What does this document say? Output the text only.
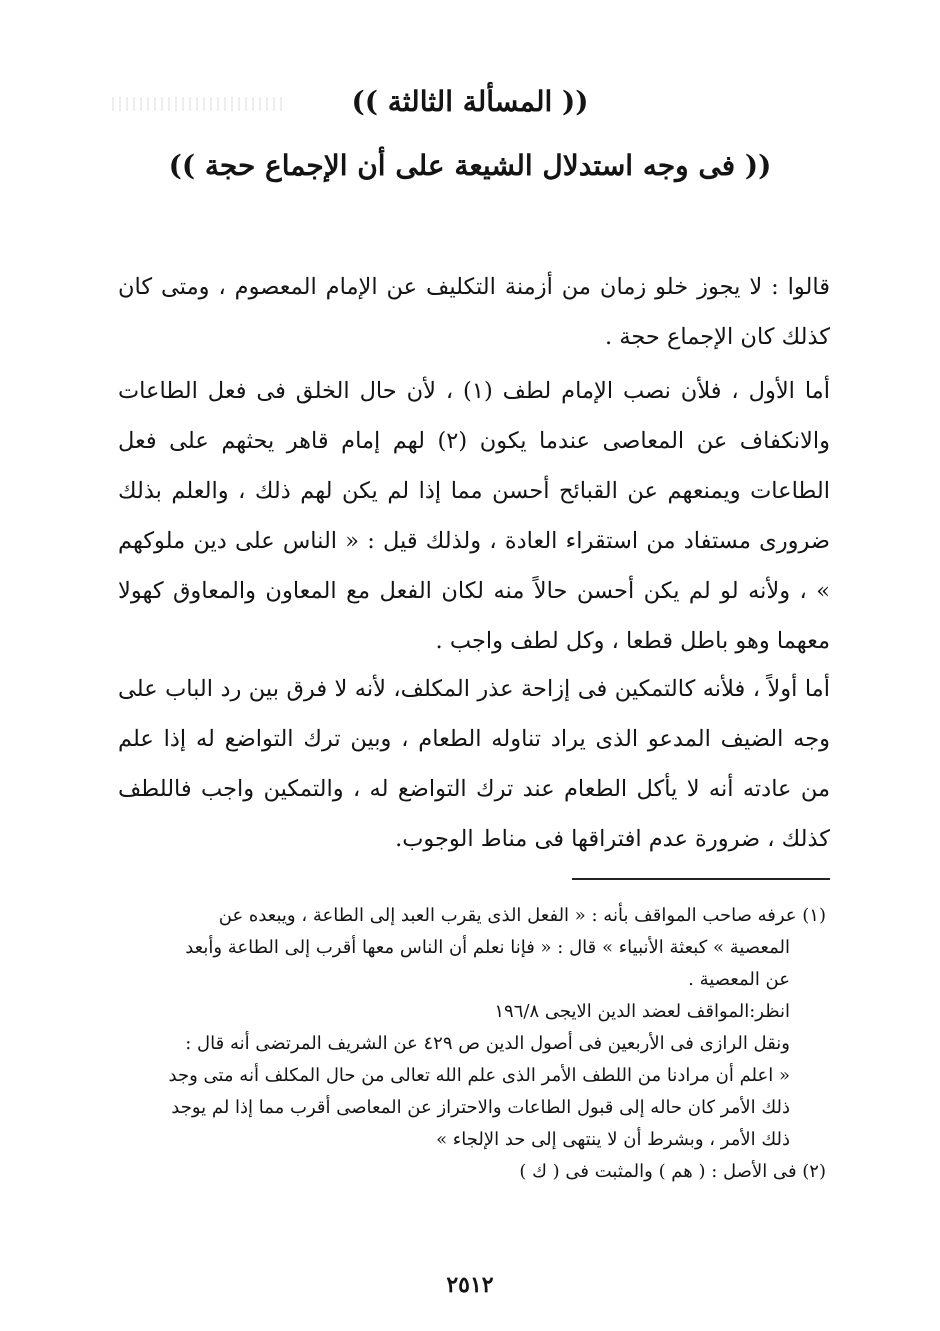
(( المسألة الثالثة ))
(( فى وجه استدلال الشيعة على أن الإجماع حجة ))
قالوا : لا يجوز خلو زمان من أزمنة التكليف عن الإمام المعصوم ، ومتى كان كذلك كان الإجماع حجة .
أما الأول ، فلأن نصب الإمام لطف (١) ، لأن حال الخلق فى فعل الطاعات والانكفاف عن المعاصى عندما يكون (٢) لهم إمام قاهر يحثهم على فعل الطاعات ويمنعهم عن القبائح أحسن مما إذا لم يكن لهم ذلك ، والعلم بذلك ضرورى مستفاد من استقراء العادة ، ولذلك قيل : « الناس على دين ملوكهم » ، ولأنه لو لم يكن أحسن حالاً منه لكان الفعل مع المعاون والمعاوق كهولا معهما وهو باطل قطعا ، وكل لطف واجب .
أما أولاً ، فلأنه كالتمكين فى إزاحة عذر المكلف، لأنه لا فرق بين رد الباب على وجه الضيف المدعو الذى يراد تناوله الطعام ، وبين ترك التواضع له إذا علم من عادته أنه لا يأكل الطعام عند ترك التواضع له ، والتمكين واجب فاللطف كذلك ، ضرورة عدم افتراقها فى مناط الوجوب.
(١) عرفه صاحب المواقف بأنه : « الفعل الذى يقرب العبد إلى الطاعة ، ويبعده عن
المعصية » كبعثة الأنبياء » قال : « فإنا نعلم أن الناس معها أقرب إلى الطاعة وأبعد
عن المعصية .
انظر:المواقف لعضد الدين الايجى ١٩٦/٨
ونقل الرازى فى الأربعين فى أصول الدين ص ٤٢٩ عن الشريف المرتضى أنه قال :
« اعلم أن مرادنا من اللطف الأمر الذى علم الله تعالى من حال المكلف أنه متى وجد
ذلك الأمر كان حاله إلى قبول الطاعات والاحتراز عن المعاصى أقرب مما إذا لم يوجد
ذلك الأمر ، وبشرط أن لا ينتهى إلى حد الإلجاء »
(٢) فى الأصل : ( هم ) والمثبت فى ( ك )
٢٥١٢
